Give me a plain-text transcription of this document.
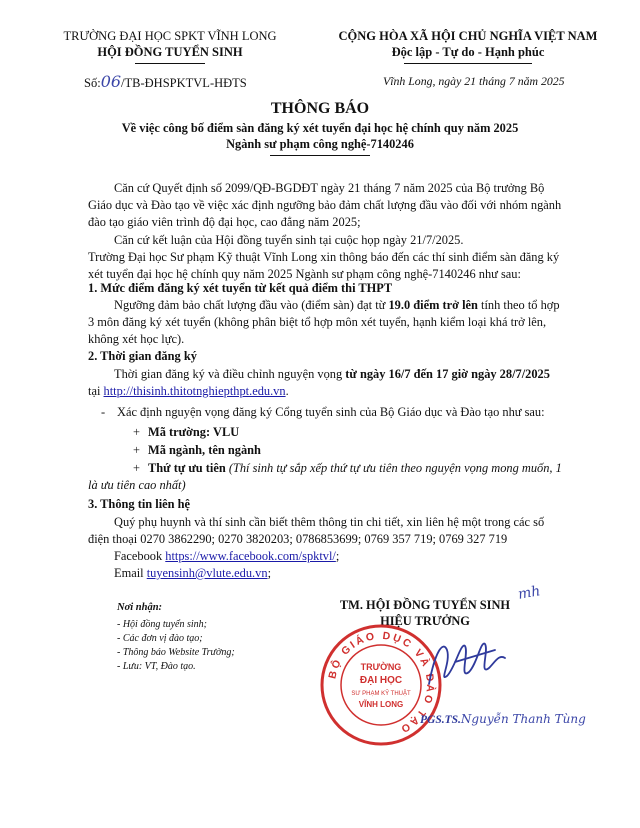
TRƯỜNG ĐẠI HỌC SPKT VĨNH LONG
HỘI ĐỒNG TUYỂN SINH
Số:06/TB-ĐHSPKTVL-HĐTS
CỘNG HÒA XÃ HỘI CHỦ NGHĨA VIỆT NAM
Độc lập - Tự do - Hạnh phúc
Vĩnh Long, ngày 21 tháng 7 năm 2025
THÔNG BÁO
Về việc công bố điểm sàn đăng ký xét tuyển đại học hệ chính quy năm 2025
Ngành sư phạm công nghệ-7140246
Căn cứ Quyết định số 2099/QĐ-BGDĐT ngày 21 tháng 7 năm 2025 của Bộ trưởng Bộ
Giáo dục và Đào tạo về việc xác định ngưỡng bảo đảm chất lượng đầu vào đối với nhóm ngành
đào tạo giáo viên trình độ đại học, cao đẳng năm 2025;
Căn cứ kết luận của Hội đồng tuyển sinh tại cuộc họp ngày 21/7/2025.
Trường Đại học Sư phạm Kỹ thuật Vĩnh Long xin thông báo đến các thí sinh điểm sàn đăng ký
xét tuyển đại học hệ chính quy năm 2025 Ngành sư phạm công nghệ-7140246 như sau:
1. Mức điểm đăng ký xét tuyển từ kết quả điểm thi THPT
Ngưỡng đảm bảo chất lượng đầu vào (điểm sàn) đạt từ 19.0 điểm trở lên tính theo tổ hợp
3 môn đăng ký xét tuyển (không phân biệt tổ hợp môn xét tuyển, hạnh kiểm loại khá trở lên,
không xét học lực).
2. Thời gian đăng ký
Thời gian đăng ký và điều chỉnh nguyện vọng từ ngày 16/7 đến 17 giờ ngày 28/7/2025
tại http://thisinh.thitotnghiepthpt.edu.vn.
- Xác định nguyện vọng đăng ký Cổng tuyển sinh của Bộ Giáo dục và Đào tạo như sau:
+ Mã trường: VLU
+ Mã ngành, tên ngành
+ Thứ tự ưu tiên (Thí sinh tự sắp xếp thứ tự ưu tiên theo nguyện vọng mong muốn, 1
là ưu tiên cao nhất)
3. Thông tin liên hệ
Quý phụ huynh và thí sinh cần biết thêm thông tin chi tiết, xin liên hệ một trong các số
điện thoại 0270 3862290; 0270 3820203; 0786853699; 0769 357 719; 0769 327 719
Facebook https://www.facebook.com/spktvl/;
Email tuyensinh@vlute.edu.vn;
Nơi nhận:
- Hội đồng tuyển sinh;
- Các đơn vị đào tạo;
- Thông báo Website Trường;
- Lưu: VT, Đào tạo.
TM. HỘI ĐỒNG TUYỂN SINH
HIỆU TRƯỞNG
mh
BỘ GIÁO DỤC VÀ ĐÀO TẠO
TRƯỜNG
ĐẠI HỌC
SƯ PHẠM KỸ THUẬT
VĨNH LONG
PGS.TS.Nguyễn Thanh Tùng
